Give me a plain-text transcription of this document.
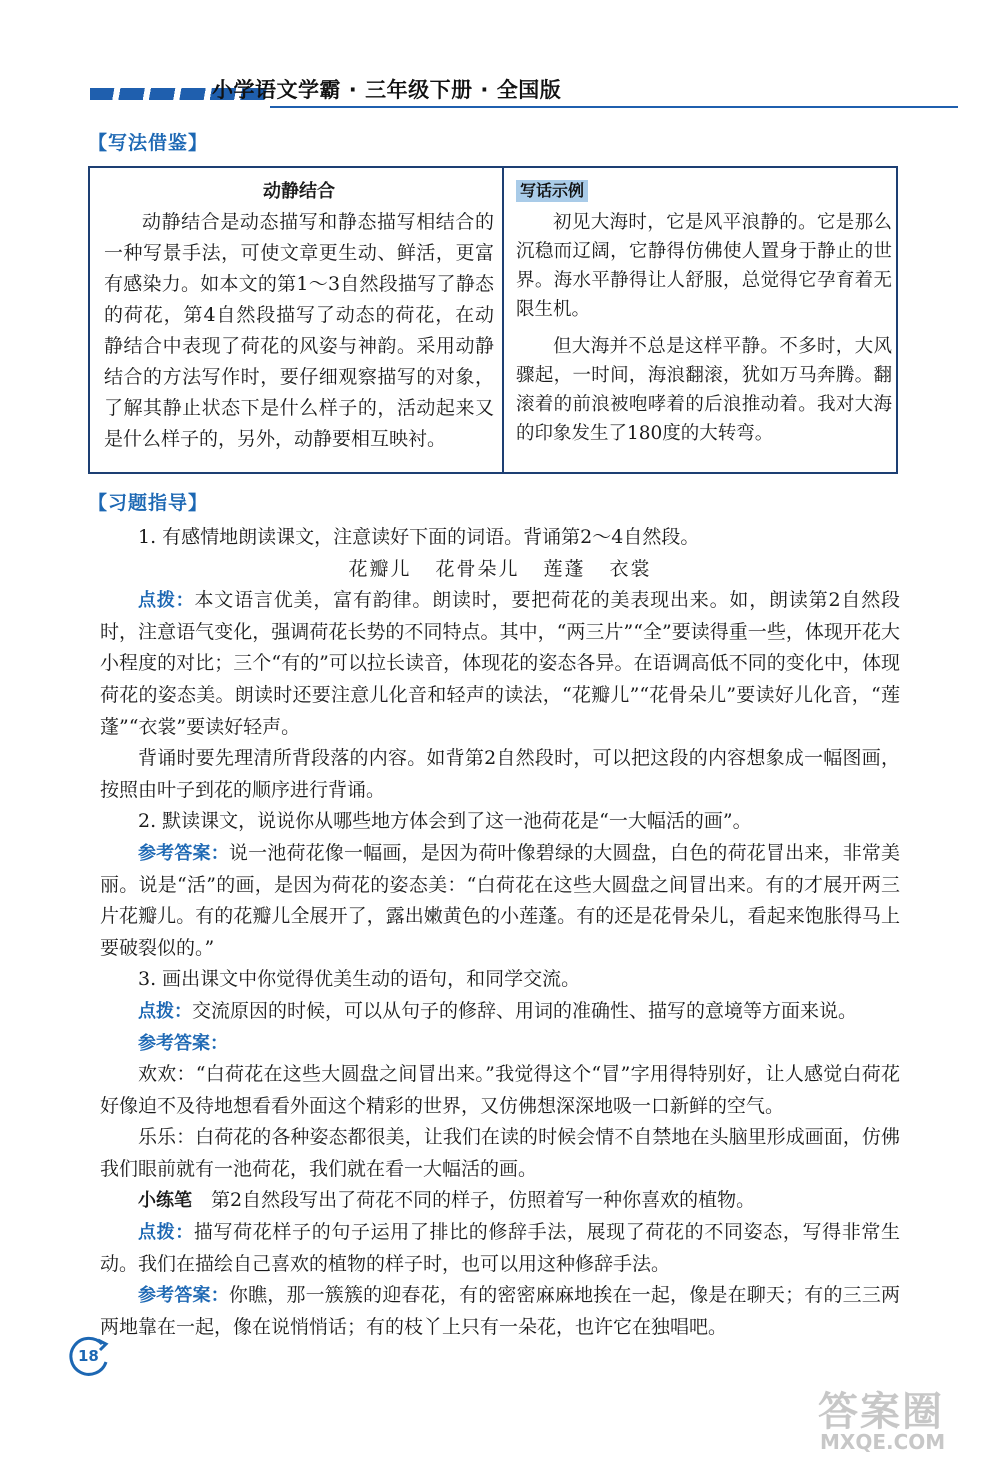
小学语文学霸 · 三年级下册 · 全国版
【写法借鉴】
动静结合

动静结合是动态描写和静态描写相结合的一种写景手法，可使文章更生动、鲜活，更富有感染力。如本文的第1～3自然段描写了静态的荷花，第4自然段描写了动态的荷花，在动静结合中表现了荷花的风姿与神韵。采用动静结合的方法写作时，要仔细观察描写的对象，了解其静止状态下是什么样子的，活动起来又是什么样子的，另外，动静要相互映衬。

写话示例

初见大海时，它是风平浪静的。它是那么沉稳而辽阔，它静得仿佛使人置身于静止的世界。海水平静得让人舒服，总觉得它孕育着无限生机。

但大海并不总是这样平静。不多时，大风骤起，一时间，海浪翻滚，犹如万马奔腾。翻滚着的前浪被咆哮着的后浪推动着。我对大海的印象发生了180度的大转弯。

【习题指导】

1. 有感情地朗读课文，注意读好下面的词语。背诵第2～4自然段。

花瓣儿 花骨朵儿 莲蓬 衣裳

点拨：本文语言优美，富有韵律。朗读时，要把荷花的美表现出来。如，朗读第2自然段时，注意语气变化，强调荷花长势的不同特点。其中，“两三片”“全”要读得重一些，体现开花大小程度的对比；三个“有的”可以拉长读音，体现花的姿态各异。在语调高低不同的变化中，体现荷花的姿态美。朗读时还要注意儿化音和轻声的读法，“花瓣儿”“花骨朵儿”要读好儿化音，“莲蓬”“衣裳”要读好轻声。

背诵时要先理清所背段落的内容。如背第2自然段时，可以把这段的内容想象成一幅图画，按照由叶子到花的顺序进行背诵。

2. 默读课文，说说你从哪些地方体会到了这一池荷花是“一大幅活的画”。

参考答案：说一池荷花像一幅画，是因为荷叶像碧绿的大圆盘，白色的荷花冒出来，非常美丽。说是“活”的画，是因为荷花的姿态美：“白荷花在这些大圆盘之间冒出来。有的才展开两三片花瓣儿。有的花瓣儿全展开了，露出嫩黄色的小莲蓬。有的还是花骨朵儿，看起来饱胀得马上要破裂似的。”

3. 画出课文中你觉得优美生动的语句，和同学交流。

点拨：交流原因的时候，可以从句子的修辞、用词的准确性、描写的意境等方面来说。

参考答案：

欢欢：“白荷花在这些大圆盘之间冒出来。”我觉得这个“冒”字用得特别好，让人感觉白荷花好像迫不及待地想看看外面这个精彩的世界，又仿佛想深深地吸一口新鲜的空气。

乐乐：白荷花的各种姿态都很美，让我们在读的时候会情不自禁地在头脑里形成画面，仿佛我们眼前就有一池荷花，我们就在看一大幅活的画。

小练笔　 第2自然段写出了荷花不同的样子，仿照着写一种你喜欢的植物。

点拨：描写荷花样子的句子运用了排比的修辞手法，展现了荷花的不同姿态，写得非常生动。我们在描绘自己喜欢的植物的样子时，也可以用这种修辞手法。

参考答案：你瞧，那一簇簇的迎春花，有的密密麻麻地挨在一起，像是在聊天；有的三三两两地靠在一起，像在说悄悄话；有的枝丫上只有一朵花，也许它在独唱吧。

18
答案圈
MXQE.COM
